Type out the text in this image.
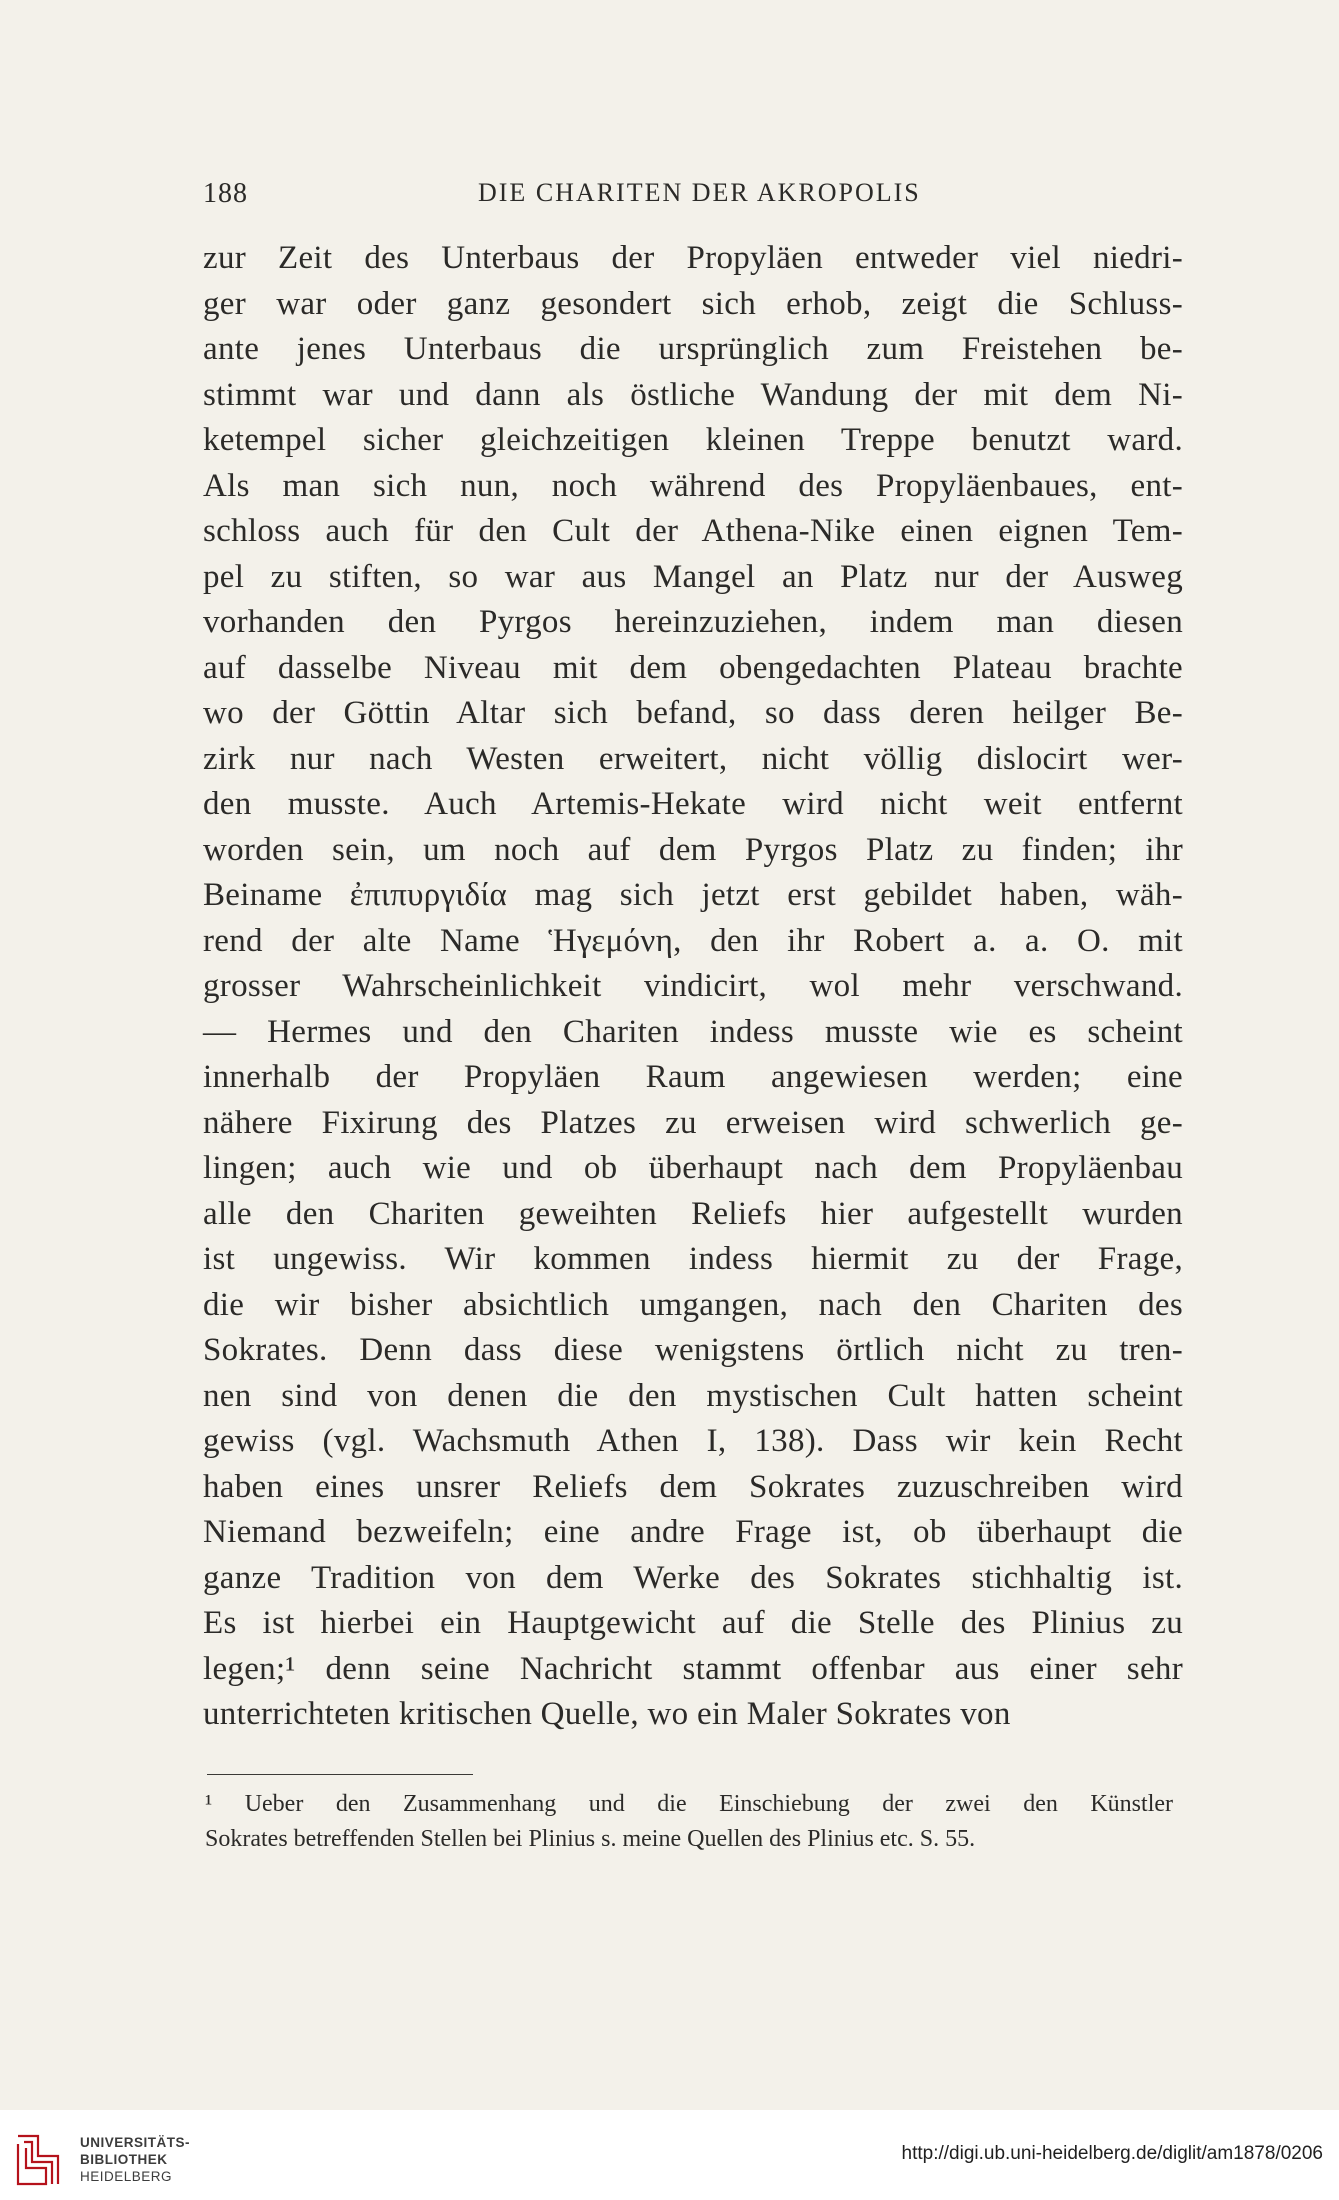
188	DIE CHARITEN DER AKROPOLIS
zur Zeit des Unterbaus der Propyläen entweder viel niedri-
ger war oder ganz gesondert sich erhob, zeigt die Schluss-
ante jenes Unterbaus die ursprünglich zum Freistehen be-
stimmt war und dann als östliche Wandung der mit dem Ni-
ketempel sicher gleichzeitigen kleinen Treppe benutzt ward.
Als man sich nun, noch während des Propyläenbaues, ent-
schloss auch für den Cult der Athena-Nike einen eignen Tem-
pel zu stiften, so war aus Mangel an Platz nur der Ausweg
vorhanden den Pyrgos hereinzuziehen, indem man diesen
auf dasselbe Niveau mit dem obengedachten Plateau brachte
wo der Göttin Altar sich befand, so dass deren heilger Be-
zirk nur nach Westen erweitert, nicht völlig dislocirt wer-
den musste. Auch Artemis-Hekate wird nicht weit entfernt
worden sein, um noch auf dem Pyrgos Platz zu finden; ihr
Beiname ἐπιπυργιδία mag sich jetzt erst gebildet haben, wäh-
rend der alte Name Ἡγεμόνη, den ihr Robert a. a. O. mit
grosser Wahrscheinlichkeit vindicirt, wol mehr verschwand.
— Hermes und den Chariten indess musste wie es scheint
innerhalb der Propyläen Raum angewiesen werden; eine
nähere Fixirung des Platzes zu erweisen wird schwerlich ge-
lingen; auch wie und ob überhaupt nach dem Propyläenbau
alle den Chariten geweihten Reliefs hier aufgestellt wurden
ist ungewiss. Wir kommen indess hiermit zu der Frage,
die wir bisher absichtlich umgangen, nach den Chariten des
Sokrates. Denn dass diese wenigstens örtlich nicht zu tren-
nen sind von denen die den mystischen Cult hatten scheint
gewiss (vgl. Wachsmuth Athen I, 138). Dass wir kein Recht
haben eines unsrer Reliefs dem Sokrates zuzuschreiben wird
Niemand bezweifeln; eine andre Frage ist, ob überhaupt die
ganze Tradition von dem Werke des Sokrates stichhaltig ist.
Es ist hierbei ein Hauptgewicht auf die Stelle des Plinius zu
legen;¹ denn seine Nachricht stammt offenbar aus einer sehr
unterrichteten kritischen Quelle, wo ein Maler Sokrates von
¹ Ueber den Zusammenhang und die Einschiebung der zwei den Künstler
Sokrates betreffenden Stellen bei Plinius s. meine Quellen des Plinius etc. S. 55.
UNIVERSITÄTS-
BIBLIOTHEK
HEIDELBERG
http://digi.ub.uni-heidelberg.de/diglit/am1878/0206
